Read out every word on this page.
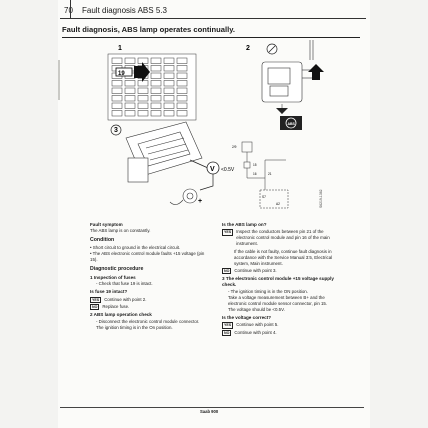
70 Fault diagnosis ABS 5.3
Fault diagnosis, ABS lamp operates continually.
1
19
2
ABS
3
V <0.5V
+
2/9
15
16	21
S7
A2	S6219-1362
Fault symptom

The ABS lamp is on constantly.

Condition

• Short circuit to ground in the electrical circuit.

• The ABS electronic control module faults +15 voltage (pin 15).

Diagnostic procedure

1 Inspection of fuses

- Check that fuse 19 is intact.

Is fuse 19 intact?

YES	Continue with point 2.
NO	Replace fuse.

2 ABS lamp operation check

- Disconnect the electronic control module connector.

The ignition timing is in the On position.

Is the ABS lamp on?
YES	Inspect the conductors between pin 21 of the electronic control module and pin 16 of the main instrument.

If the cable is not faulty, continue fault diagnosis in accordance with the Service Manual 3:5, Electrical system, Main instrument.

NO	Continue with point 3.

3 The electronic control module +15 voltage supply check.

- The ignition timing is in the ON position.

Take a voltage measurement between B+ and the electronic control module sensor connector, pin 15.

The voltage should be <0.5V.

Is the voltage correct?

YES	Continue with point 5.
NO	Continue with point 4.
Saab 900
